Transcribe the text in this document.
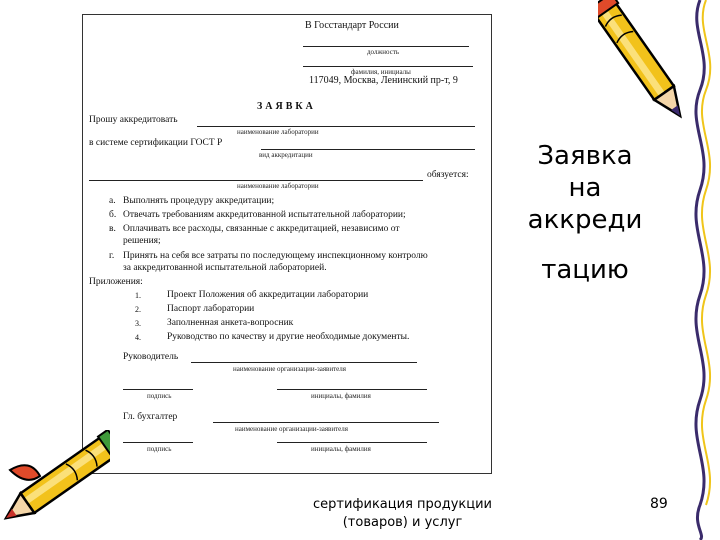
В Госстандарт России
должность
фамилия, инициалы
117049, Москва, Ленинский пр-т, 9
ЗАЯВКА
Прошу аккредитовать
наименование лаборатории
в системе сертификации ГОСТ Р
вид аккредитации
обязуется:
наименование лаборатории
а. Выполнять процедуру аккредитации;
б. Отвечать требованиям аккредитованной испытательной лаборатории;
в. Оплачивать все расходы, связанные с аккредитацией, независимо от
решения;
г. Принять на себя все затраты по последующему инспекционному контролю
за аккредитованной испытательной лабораторией.
Приложения:
1.	Проект Положения об аккредитации лаборатории
2.	Паспорт лаборатории
3.	Заполненная анкета-вопросник
4.	Руководство по качеству и другие необходимые документы.
Руководитель
наименование организации-заявителя
подпись	инициалы, фамилия
Гл. бухгалтер
наименование организации-заявителя
подпись	инициалы, фамилия
Заявка
на
аккреди
тацию
сертификация продукции
(товаров) и услуг
89
